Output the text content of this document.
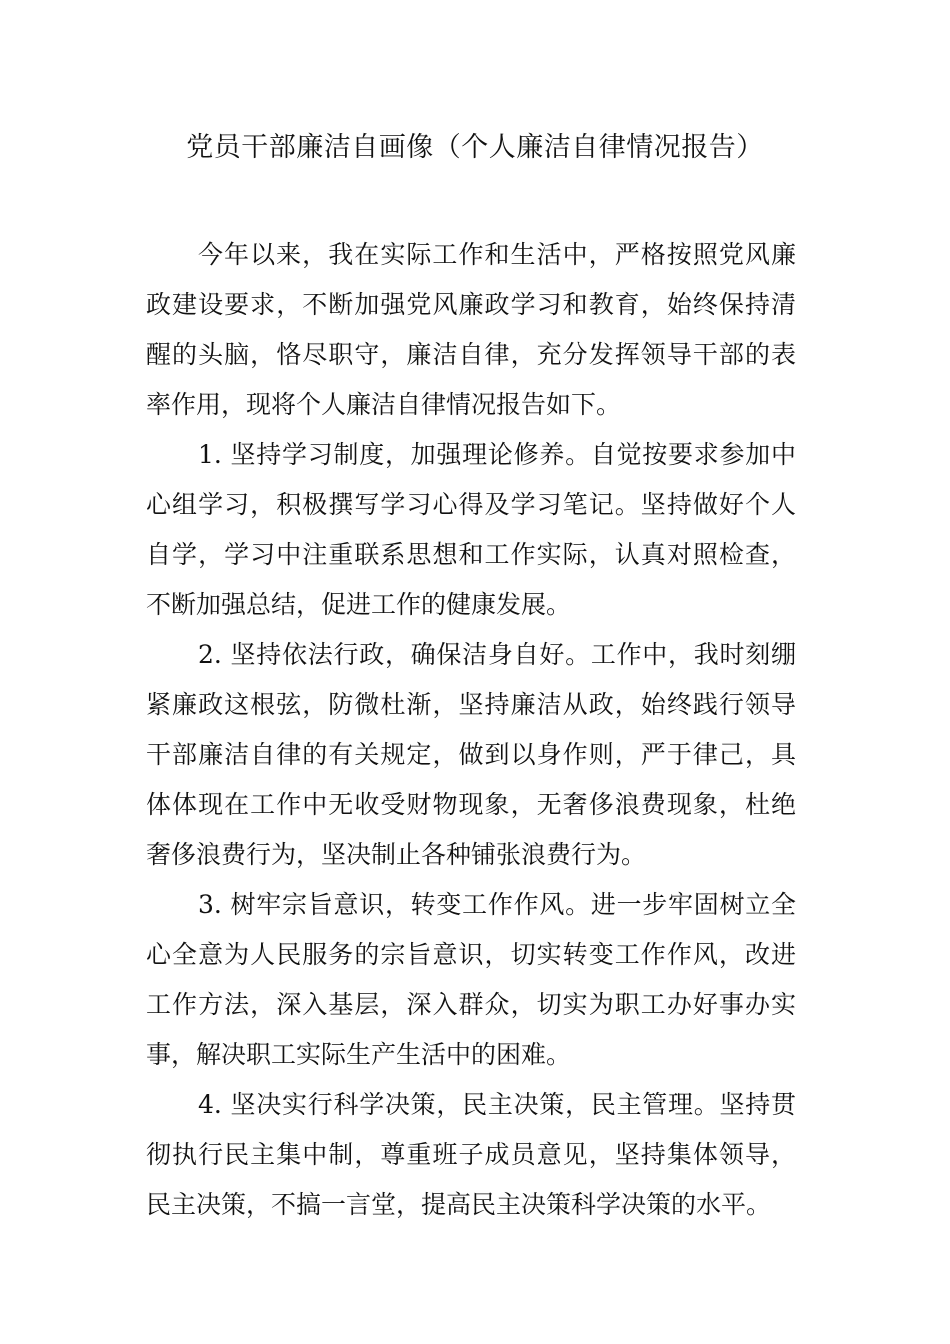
党员干部廉洁自画像（个人廉洁自律情况报告）
今年以来，我在实际工作和生活中，严格按照党风廉
政建设要求，不断加强党风廉政学习和教育，始终保持清
醒的头脑，恪尽职守，廉洁自律，充分发挥领导干部的表
率作用，现将个人廉洁自律情况报告如下。
1. 坚持学习制度，加强理论修养。自觉按要求参加中
心组学习，积极撰写学习心得及学习笔记。坚持做好个人
自学，学习中注重联系思想和工作实际，认真对照检查，
不断加强总结，促进工作的健康发展。
2. 坚持依法行政，确保洁身自好。工作中，我时刻绷
紧廉政这根弦，防微杜渐，坚持廉洁从政，始终践行领导
干部廉洁自律的有关规定，做到以身作则，严于律己，具
体体现在工作中无收受财物现象，无奢侈浪费现象，杜绝
奢侈浪费行为，坚决制止各种铺张浪费行为。
3. 树牢宗旨意识，转变工作作风。进一步牢固树立全
心全意为人民服务的宗旨意识，切实转变工作作风，改进
工作方法，深入基层，深入群众，切实为职工办好事办实
事，解决职工实际生产生活中的困难。
4. 坚决实行科学决策，民主决策，民主管理。坚持贯
彻执行民主集中制，尊重班子成员意见，坚持集体领导，
民主决策，不搞一言堂，提高民主决策科学决策的水平。
